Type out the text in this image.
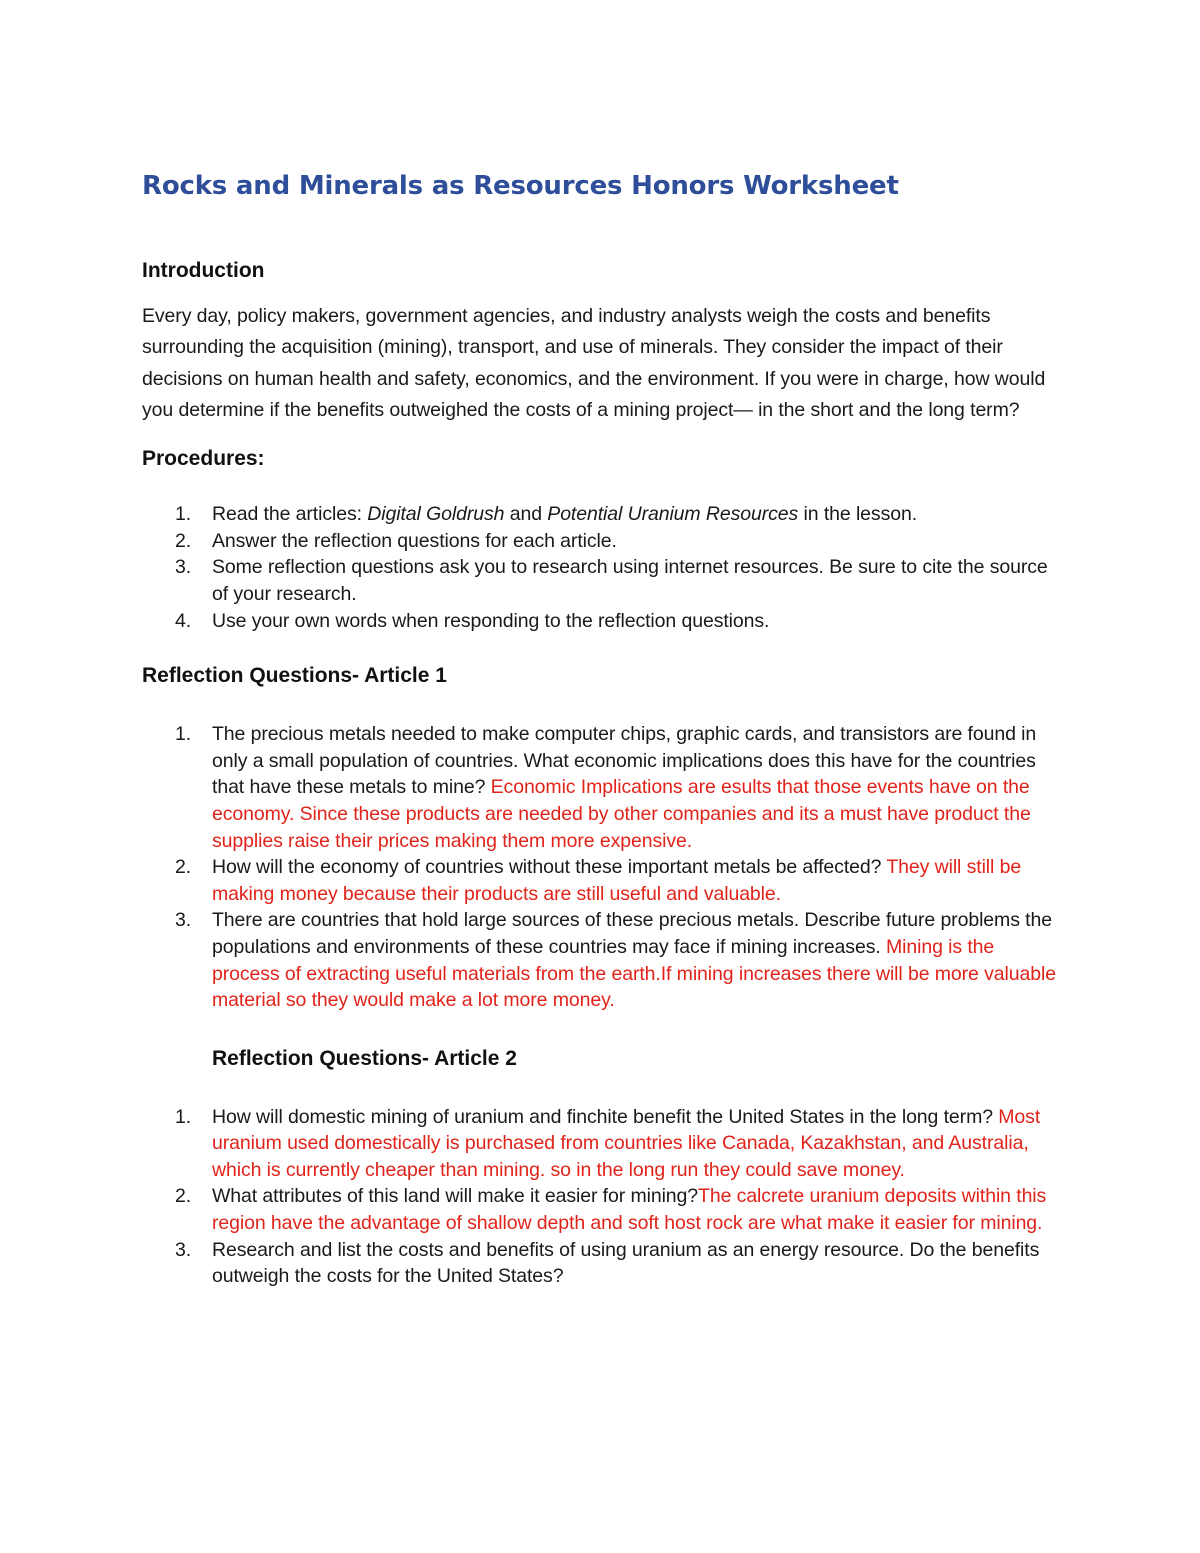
Rocks and Minerals as Resources Honors Worksheet
Introduction

Every day, policy makers, government agencies, and industry analysts weigh the costs and benefits surrounding the acquisition (mining), transport, and use of minerals. They consider the impact of their decisions on human health and safety, economics, and the environment. If you were in charge, how would you determine if the benefits outweighed the costs of a mining project— in the short and the long term?

Procedures:
1. Read the articles: Digital Goldrush and Potential Uranium Resources in the lesson.
2. Answer the reflection questions for each article.
3. Some reflection questions ask you to research using internet resources. Be sure to cite the source of your research.
4. Use your own words when responding to the reflection questions.
Reflection Questions- Article 1
1. The precious metals needed to make computer chips, graphic cards, and transistors are found in only a small population of countries. What economic implications does this have for the countries that have these metals to mine? Economic Implications are esults that those events have on the economy. Since these products are needed by other companies and its a must have product the supplies raise their prices making them more expensive.
2. How will the economy of countries without these important metals be affected? They will still be making money because their products are still useful and valuable.
3. There are countries that hold large sources of these precious metals. Describe future problems the populations and environments of these countries may face if mining increases. Mining is the process of extracting useful materials from the earth.If mining increases there will be more valuable material so they would make a lot more money.
Reflection Questions- Article 2
1. How will domestic mining of uranium and finchite benefit the United States in the long term? Most uranium used domestically is purchased from countries like Canada, Kazakhstan, and Australia, which is currently cheaper than mining. so in the long run they could save money.
2. What attributes of this land will make it easier for mining?The calcrete uranium deposits within this region have the advantage of shallow depth and soft host rock are what make it easier for mining.
3. Research and list the costs and benefits of using uranium as an energy resource. Do the benefits outweigh the costs for the United States?
